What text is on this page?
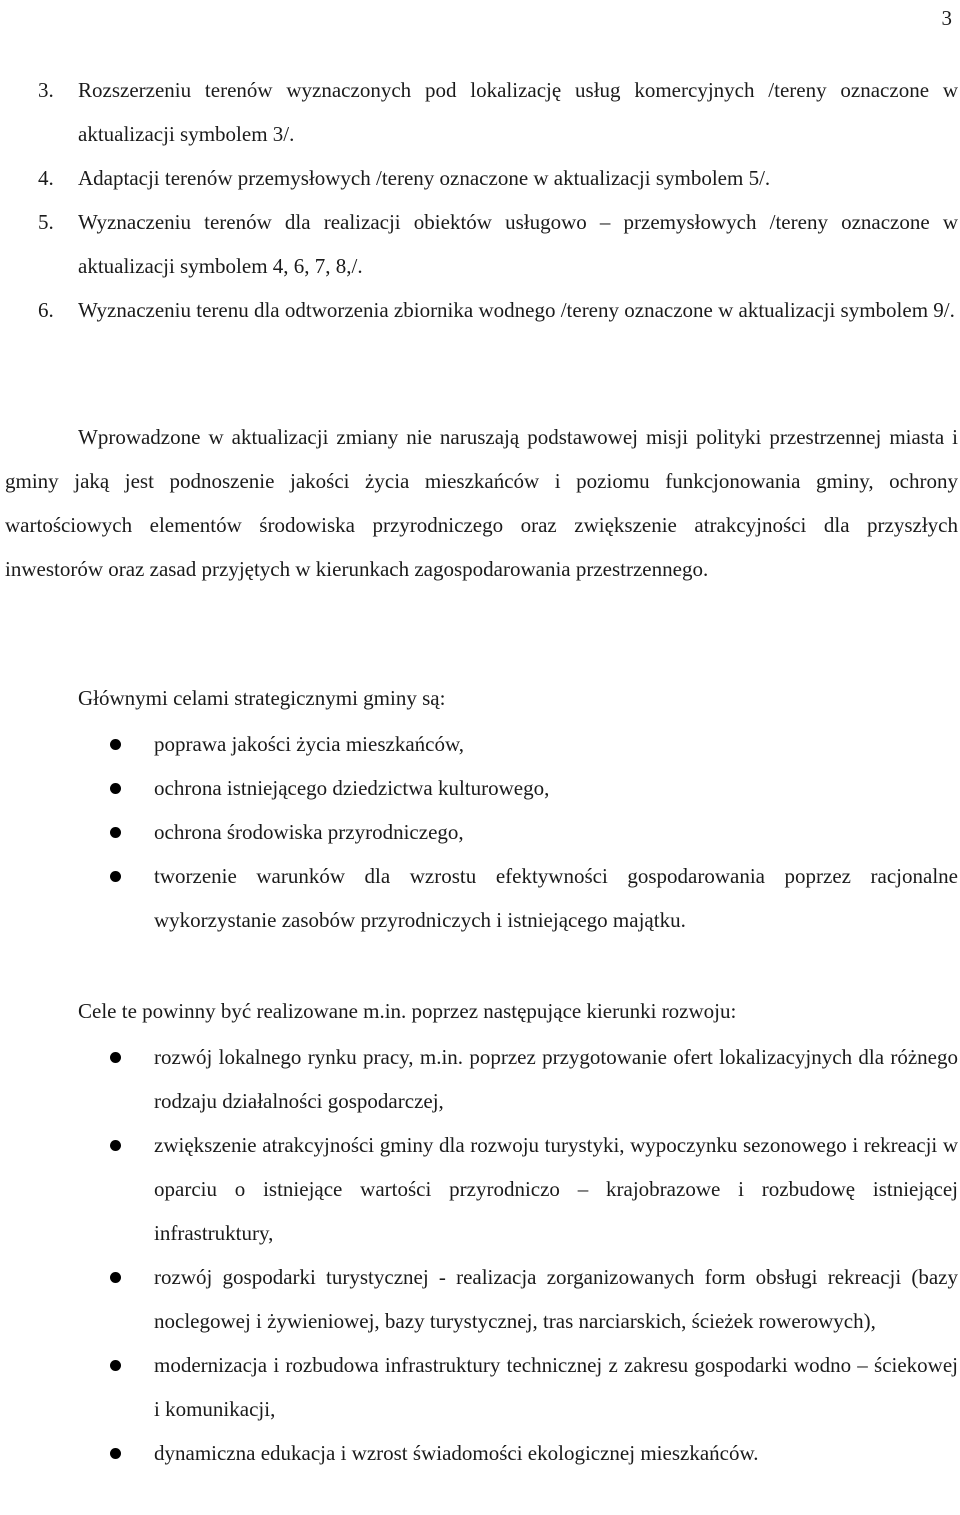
3
3. Rozszerzeniu terenów wyznaczonych pod lokalizację usług komercyjnych /tereny oznaczone w aktualizacji symbolem 3/.
4. Adaptacji terenów przemysłowych /tereny oznaczone w aktualizacji symbolem 5/.
5. Wyznaczeniu terenów dla realizacji obiektów usługowo – przemysłowych /tereny oznaczone w aktualizacji symbolem 4, 6, 7, 8,/.
6. Wyznaczeniu terenu dla odtworzenia zbiornika wodnego /tereny oznaczone w aktualizacji symbolem 9/.
Wprowadzone w aktualizacji zmiany nie naruszają podstawowej misji polityki przestrzennej miasta i gminy jaką jest podnoszenie jakości życia mieszkańców i poziomu funkcjonowania gminy, ochrony wartościowych elementów środowiska przyrodniczego oraz zwiększenie atrakcyjności dla przyszłych inwestorów oraz zasad przyjętych w kierunkach zagospodarowania przestrzennego.
Głównymi celami strategicznymi gminy są:
poprawa jakości życia mieszkańców,
ochrona istniejącego dziedzictwa kulturowego,
ochrona środowiska przyrodniczego,
tworzenie warunków dla wzrostu efektywności gospodarowania poprzez racjonalne wykorzystanie zasobów przyrodniczych i istniejącego majątku.
Cele te powinny być realizowane m.in. poprzez następujące kierunki rozwoju:
rozwój lokalnego rynku pracy, m.in. poprzez przygotowanie ofert lokalizacyjnych dla różnego rodzaju działalności gospodarczej,
zwiększenie atrakcyjności gminy dla rozwoju turystyki, wypoczynku sezonowego i rekreacji w oparciu o istniejące wartości przyrodniczo – krajobrazowe i rozbudowę istniejącej infrastruktury,
rozwój gospodarki turystycznej - realizacja zorganizowanych form obsługi rekreacji (bazy noclegowej i żywieniowej, bazy turystycznej, tras narciarskich, ścieżek rowerowych),
modernizacja i rozbudowa infrastruktury technicznej z zakresu gospodarki wodno – ściekowej i komunikacji,
dynamiczna edukacja i wzrost świadomości ekologicznej mieszkańców.
